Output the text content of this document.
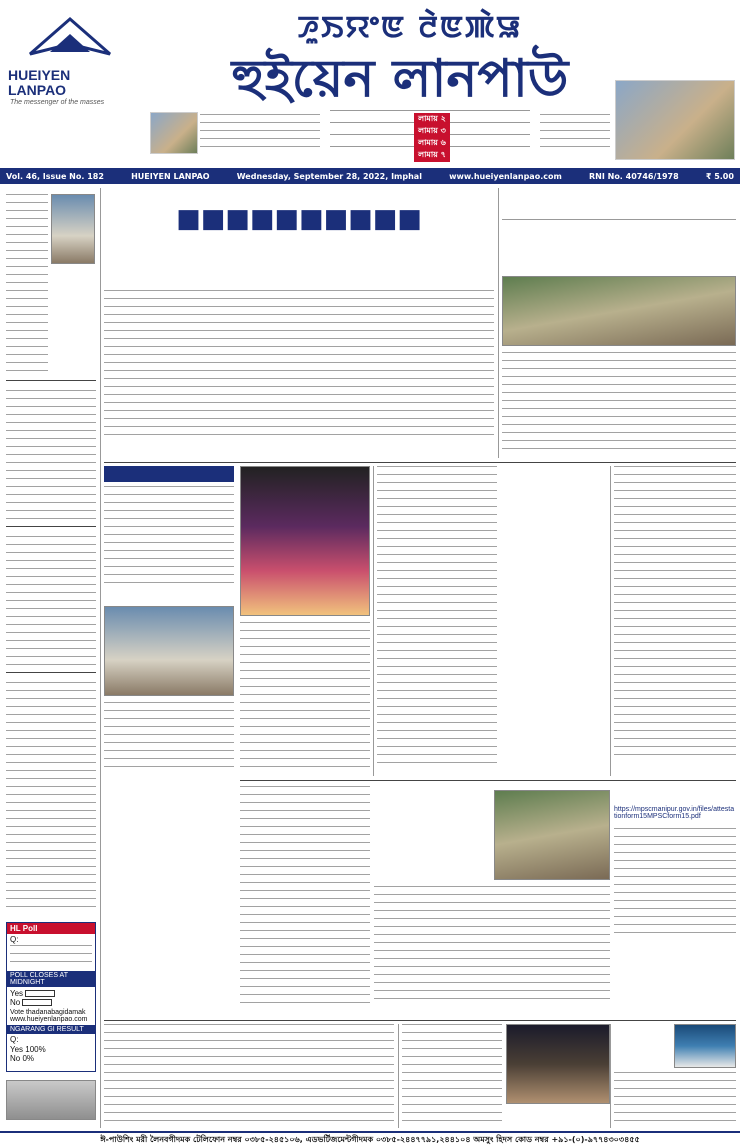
HUEIYEN
LANPAO
The messenger of the masses
ꯍꯨꯏꯌꯦꯟ ꯂꯥꯟꯄꯥꯎ
হুইয়েন লানপাউ
লামায় ২
লামায় ৩
লামায় ৬
লামায় ৭
Vol. 46, Issue No. 182	HUEIYEN LANPAO	Wednesday, September 28, 2022, Imphal	www.hueiyenlanpao.com	RNI No. 40746/1978	₹ 5.00
HL Poll
Q:
POLL CLOSES AT MIDNIGHT
Yes
No
Vote thadanabagidamak www.hueiyenlanpao.com
NGARANG GI RESULT
Q:
Yes 100%
No 0%
■■■■■■■■■■
https://mpscmanipur.gov.in/files/attestationform15MPSCform15.pdf
ঈ-পাউশিং মরী লৈনবগীদমক টেলিফোন নম্বর ০৩৮৫-২৪৫১০৬, এডভর্টিজমেন্টগীদমক ০৩৮৫-২৪৪৭৭৯১,২৪৪১০৪ অমসুং হিদস কোড নম্বর +৯১-(০)-৯৭৭৪৩০৩৪৫৫
